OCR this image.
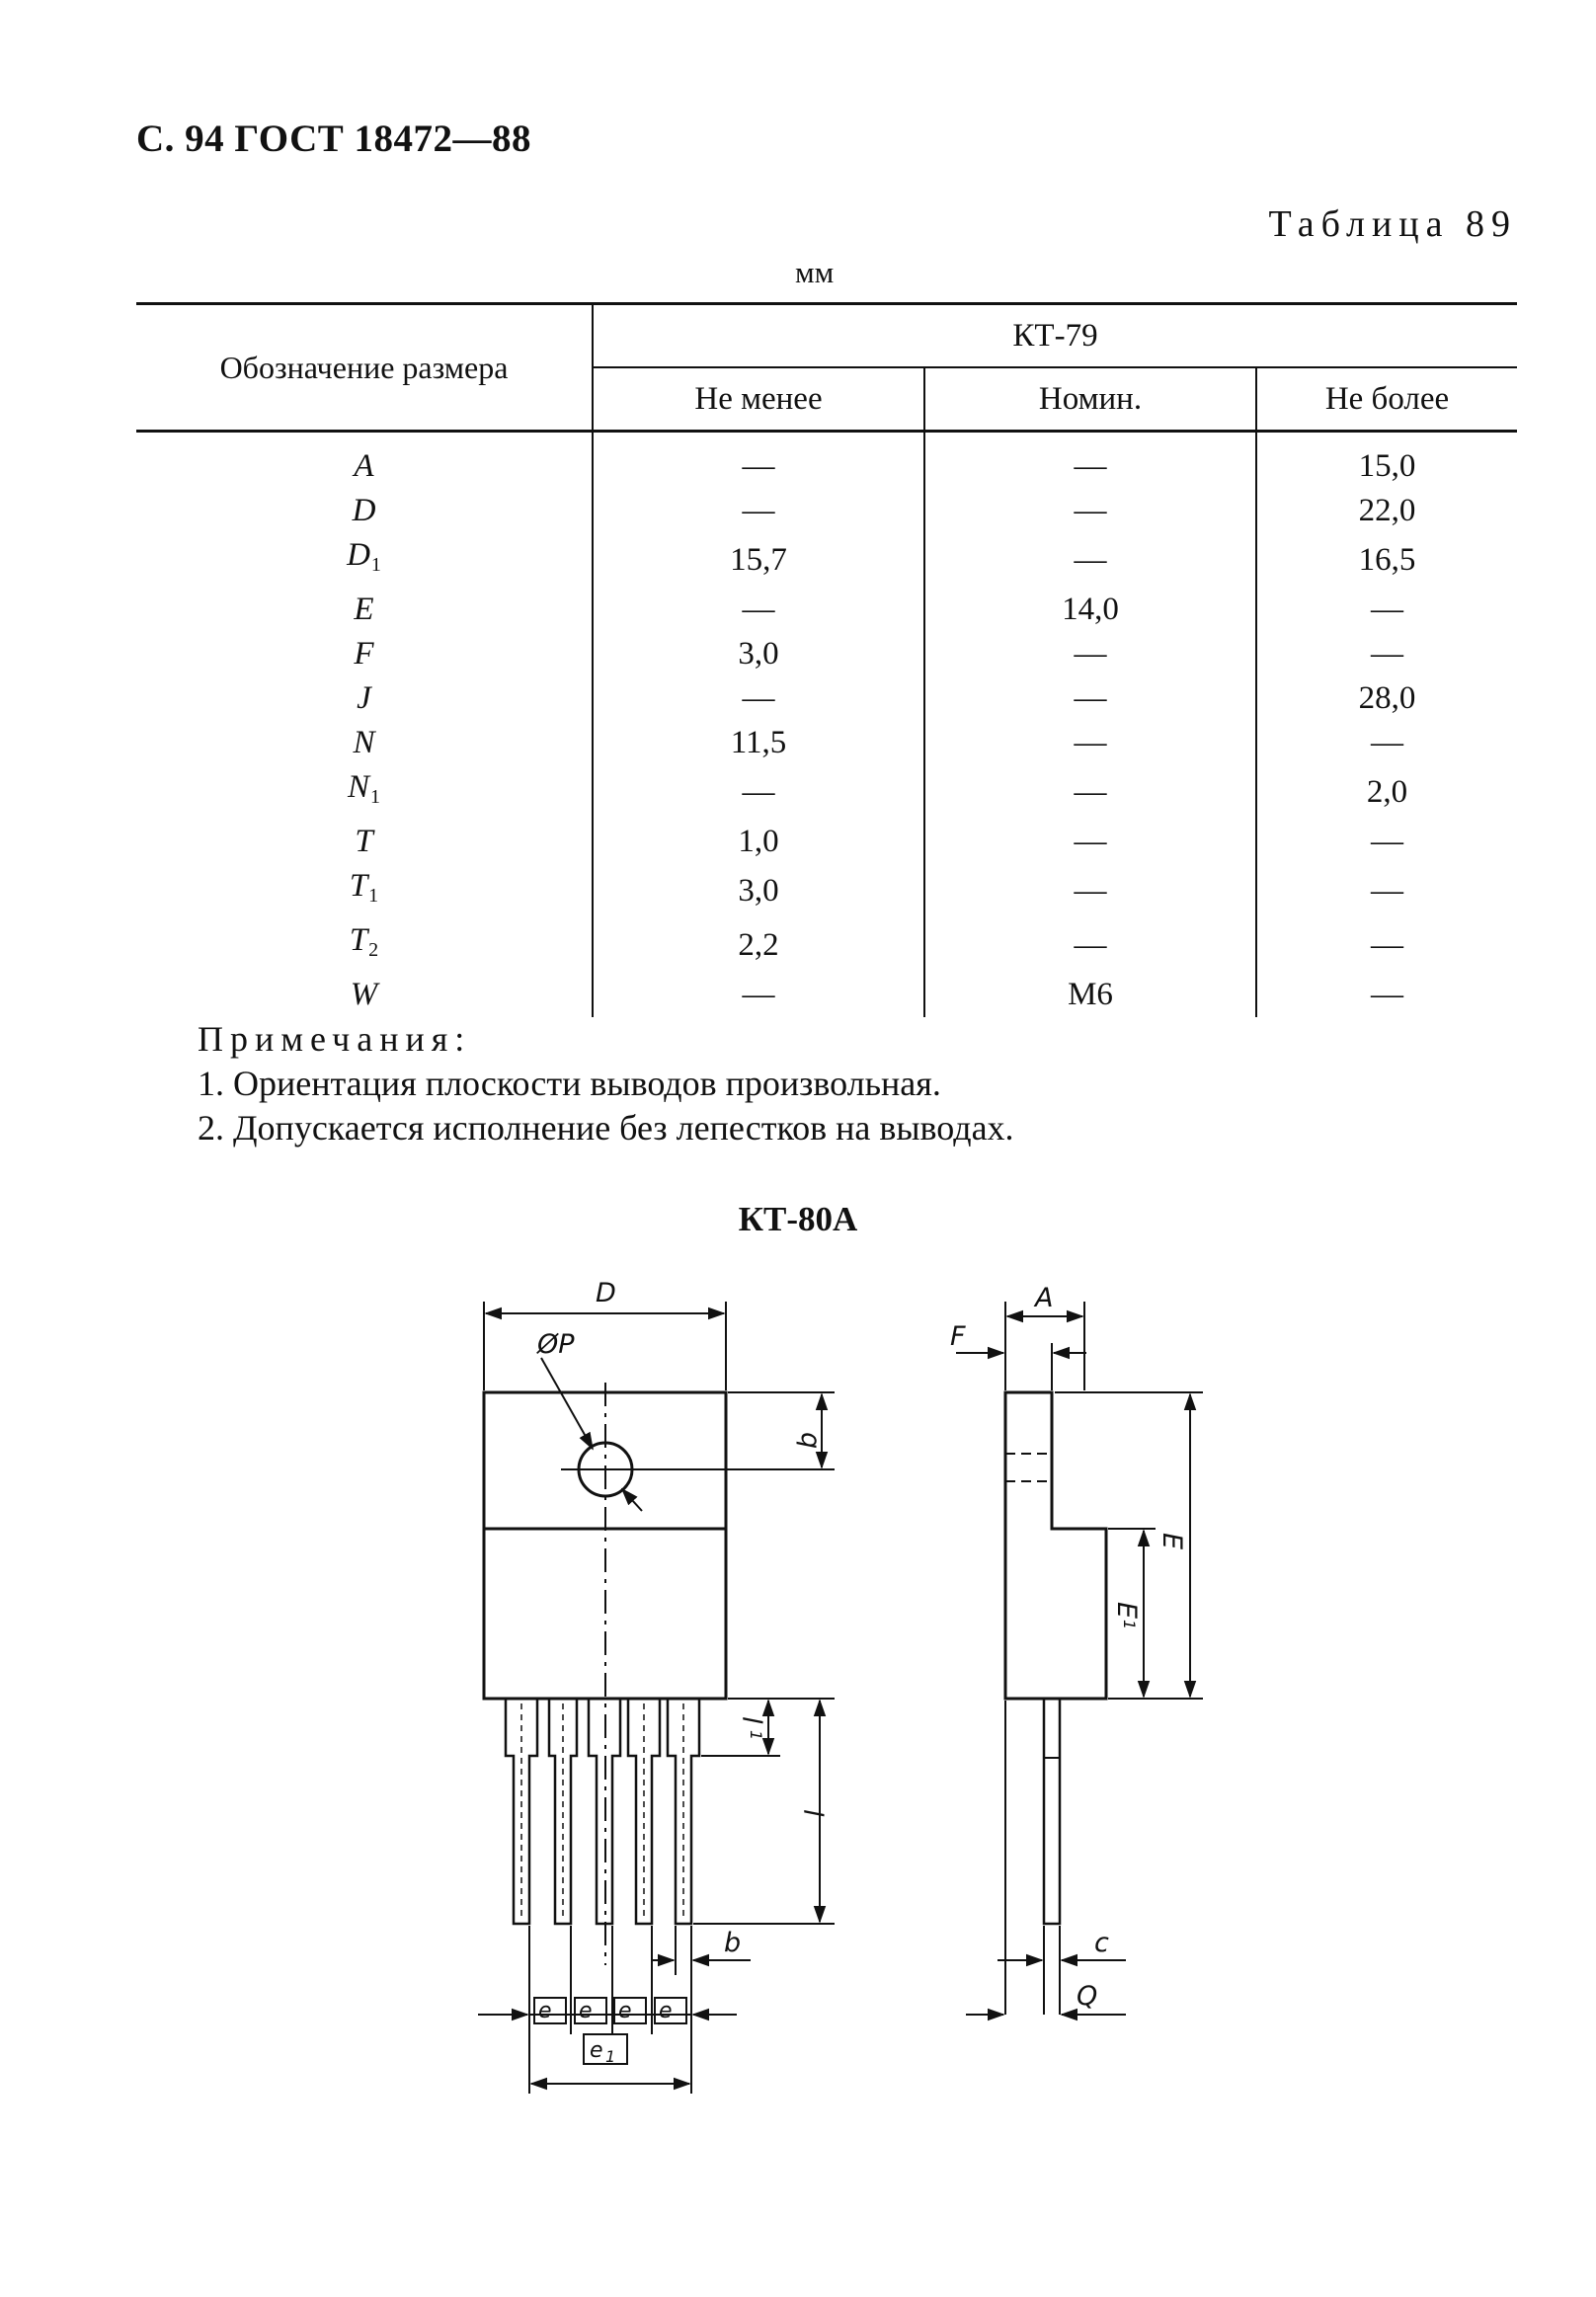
С. 94 ГОСТ 18472—88
Таблица 89
мм
Обозначение размера	КТ-79		
	Не менее	Номин.	Не более
A	—	—	15,0
D	—	—	22,0
$D_1$	15,7	—	16,5
E	—	14,0	—
F	3,0	—	—
J	—	—	28,0
N	11,5	—	—
$N_1$	—	—	2,0
T	1,0	—	—
$T_1$	3,0	—	—
$T_2$	2,2	—	—
W	—	M6	—
Примечания:
1. Ориентация плоскости выводов произвольная.
2. Допускается исполнение без лепестков на выводах.
КТ-80А
D
ØP
q
l
1
l
b
e e e e
e 1
A
F
E
E
1
c
Q
